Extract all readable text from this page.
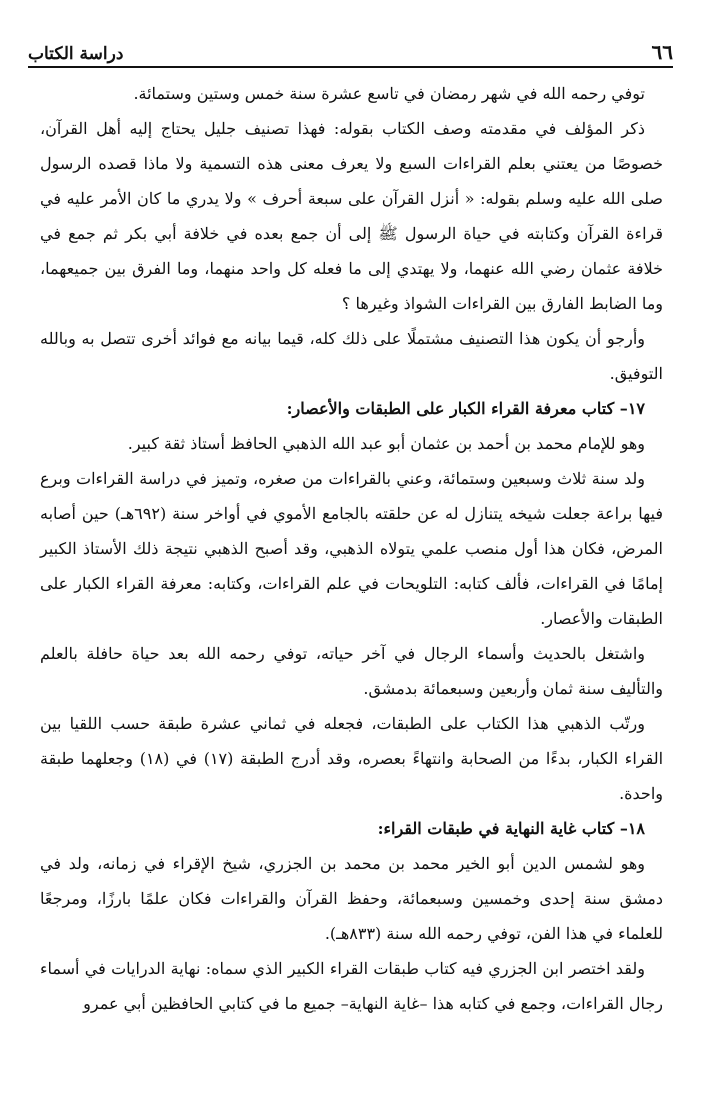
٦٦
دراسة الكتاب

توفي رحمه الله في شهر رمضان في تاسع عشرة سنة خمس وستين وستمائة.

ذكر المؤلف في مقدمته وصف الكتاب بقوله: فهذا تصنيف جليل يحتاج إليه أهل القرآن، خصوصًا من يعتني بعلم القراءات السبع ولا يعرف معنى هذه التسمية ولا ماذا قصده الرسول صلى الله عليه وسلم بقوله: « أنزل القرآن على سبعة أحرف » ولا يدري ما كان الأمر عليه في قراءة القرآن وكتابته في حياة الرسول ﷺ إلى أن جمع بعده في خلافة أبي بكر ثم جمع في خلافة عثمان رضي الله عنهما، ولا يهتدي إلى ما فعله كل واحد منهما، وما الفرق بين جميعهما، وما الضابط الفارق بين القراءات الشواذ وغيرها ؟

وأرجو أن يكون هذا التصنيف مشتملًا على ذلك كله، قيما بيانه مع فوائد أخرى تتصل به وبالله التوفيق.

١٧– كتاب معرفة القراء الكبار على الطبقات والأعصار:

وهو للإمام محمد بن أحمد بن عثمان أبو عبد الله الذهبي الحافظ أستاذ ثقة كبير.

ولد سنة ثلاث وسبعين وستمائة، وعني بالقراءات من صغره، وتميز في دراسة القراءات وبرع فيها براعة جعلت شيخه يتنازل له عن حلقته بالجامع الأموي في أواخر سنة (٦٩٢هـ) حين أصابه المرض، فكان هذا أول منصب علمي يتولاه الذهبي، وقد أصبح الذهبي نتيجة ذلك الأستاذ الكبير إمامًا في القراءات، فألف كتابه: التلويحات في علم القراءات، وكتابه: معرفة القراء الكبار على الطبقات والأعصار.

واشتغل بالحديث وأسماء الرجال في آخر حياته، توفي رحمه الله بعد حياة حافلة بالعلم والتأليف سنة ثمان وأربعين وسبعمائة بدمشق.

ورتّب الذهبي هذا الكتاب على الطبقات، فجعله في ثماني عشرة طبقة حسب اللقيا بين القراء الكبار، بدءًا من الصحابة وانتهاءً بعصره، وقد أدرج الطبقة (١٧) في (١٨) وجعلهما طبقة واحدة.

١٨– كتاب غاية النهاية في طبقات القراء:

وهو لشمس الدين أبو الخير محمد بن محمد بن الجزري، شيخ الإقراء في زمانه، ولد في دمشق سنة إحدى وخمسين وسبعمائة، وحفظ القرآن والقراءات فكان علمًا بارزًا، ومرجعًا للعلماء في هذا الفن، توفي رحمه الله سنة (٨٣٣هـ).

ولقد اختصر ابن الجزري فيه كتاب طبقات القراء الكبير الذي سماه: نهاية الدرايات في أسماء رجال القراءات، وجمع في كتابه هذا –غاية النهاية– جميع ما في كتابي الحافظين أبي عمرو
